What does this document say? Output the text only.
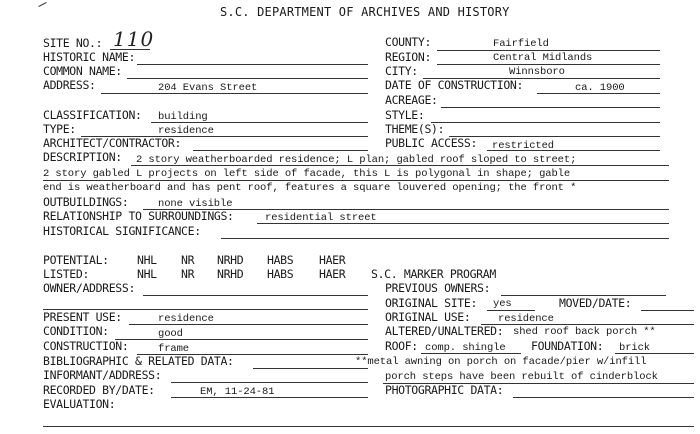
S.C. DEPARTMENT OF ARCHIVES AND HISTORY
SITE NO.: 110	COUNTY:	Fairfield
HISTORIC NAME:	REGION:	Central Midlands
COMMON NAME:	CITY:	Winnsboro
ADDRESS:	204 Evans Street	DATE OF CONSTRUCTION:	ca. 1900
ACREAGE:
CLASSIFICATION: building	STYLE:
TYPE:	residence	THEME(S):
ARCHITECT/CONTRACTOR:	PUBLIC ACCESS: restricted
DESCRIPTION: 2 story weatherboarded residence; L plan; gabled roof sloped to street;
2 story gabled L projects on left side of facade, this L is polygonal in shape; gable
end is weatherboard and has pent roof, features a square louvered opening; the front *
OUTBUILDINGS:	none visible
RELATIONSHIP TO SURROUNDINGS:	residential street
HISTORICAL SIGNIFICANCE:
POTENTIAL: NHL NR NRHD HABS HAER
LISTED:	NHL NR NRHD HABS HAER S.C. MARKER PROGRAM
OWNER/ADDRESS:	PREVIOUS OWNERS:
ORIGINAL SITE: yes	MOVED/DATE:
PRESENT USE:	residence	ORIGINAL USE:	residence
CONDITION:	good	ALTERED/UNALTERED: shed roof back porch **
CONSTRUCTION:	frame	ROOF: comp. shingle FOUNDATION: brick
BIBLIOGRAPHIC & RELATED DATA:	**metal awning on porch on facade/pier w/infill
INFORMANT/ADDRESS:	porch steps have been rebuilt of cinderblock
RECORDED BY/DATE:	EM, 11-24-81	PHOTOGRAPHIC DATA:
EVALUATION:
